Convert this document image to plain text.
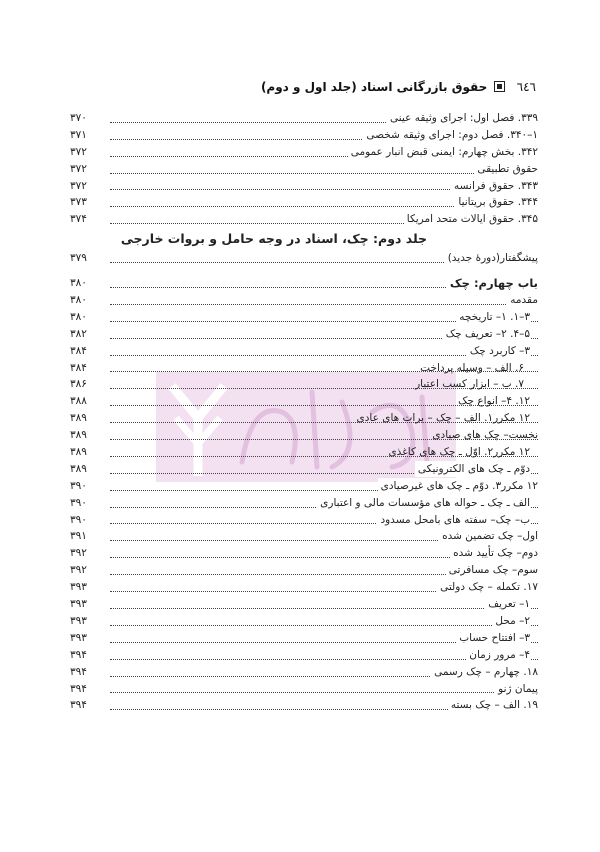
٦٤٦  حقوق بازرگانی اسناد (جلد اول و دوم)
۳۳۹. فصل اول: اجرای وثیقه عینی
۳۷۰
۱–۳۴۰. فصل دوم: اجرای وثیقه شخصی
۳۷۱
۳۴۲. بخش چهارم: ایمنی قبض انبار عمومی
۳۷۲
حقوق تطبیقی
۳۷۲
۳۴۳. حقوق فرانسه
۳۷۲
۳۴۴. حقوق بریتانیا
۳۷۳
۳۴۵. حقوق ایالات متحد امریکا
۳۷۴
جلد دوم: چک، اسناد در وجه حامل و بروات خارجی
پیشگفتار(دورهٔ جدید)
۳۷۹
باب چهارم: چک
۳۸۰
مقدمه
۳۸۰
۳–۱. ۱– تاریخچه
۳۸۰
۵–۴. ۲– تعریف چک
۳۸۲
۳– کاربرد چک
۳۸۴
۶. الف – وسیله پرداخت
۳۸۴
۷. ب – ابزار کسب اعتبار
۳۸۶
۱۲. ۴– انواع چک
۳۸۸
۱۲ مکرر۱. الف – چک – برات های عادی
۳۸۹
نخست– چک های صیادی
۳۸۹
۱۲ مکرر۲. اوّل ـ چک های کاغذی
۳۸۹
دوّم ـ چک های الکترونیکی
۳۸۹
۱۲ مکرر۳. دوّم ـ چک های غیرصیادی
۳۹۰
الف ـ چک ـ حواله های مؤسسات مالی و اعتباری
۳۹۰
ب– چک– سفته های بامحل مسدود
۳۹۰
اول– چک تضمین شده
۳۹۱
دوم– چک تأیید شده
۳۹۲
سوم– چک مسافرتی
۳۹۲
۱۷. تکمله – چک دولتی
۳۹۳
۱– تعریف
۳۹۳
۲– محل
۳۹۳
۳– افتتاح حساب
۳۹۳
۴– مرور زمان
۳۹۴
۱۸. چهارم – چک رسمی
۳۹۴
پیمان ژنو
۳۹۴
۱۹. الف – چک بسته
۳۹۴
